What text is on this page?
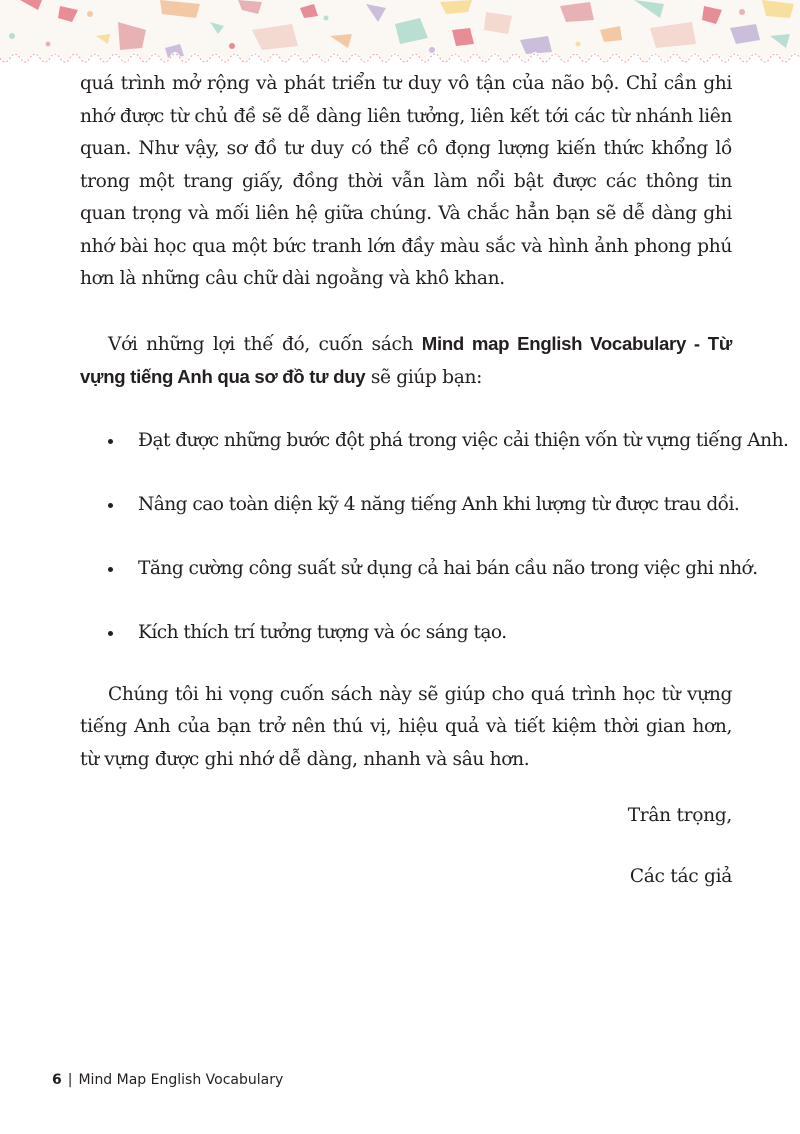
quá trình mở rộng và phát triển tư duy vô tận của não bộ. Chỉ cần ghi nhớ được từ chủ đề sẽ dễ dàng liên tưởng, liên kết tới các từ nhánh liên quan. Như vậy, sơ đồ tư duy có thể cô đọng lượng kiến thức khổng lồ trong một trang giấy, đồng thời vẫn làm nổi bật được các thông tin quan trọng và mối liên hệ giữa chúng. Và chắc hẳn bạn sẽ dễ dàng ghi nhớ bài học qua một bức tranh lớn đầy màu sắc và hình ảnh phong phú hơn là những câu chữ dài ngoằng và khô khan.

Với những lợi thế đó, cuốn sách Mind map English Vocabulary - Từ vựng tiếng Anh qua sơ đồ tư duy sẽ giúp bạn:

Đạt được những bước đột phá trong việc cải thiện vốn từ vựng tiếng Anh.
Nâng cao toàn diện kỹ 4 năng tiếng Anh khi lượng từ được trau dồi.
Tăng cường công suất sử dụng cả hai bán cầu não trong việc ghi nhớ.
Kích thích trí tưởng tượng và óc sáng tạo.

Chúng tôi hi vọng cuốn sách này sẽ giúp cho quá trình học từ vựng tiếng Anh của bạn trở nên thú vị, hiệu quả và tiết kiệm thời gian hơn, từ vựng được ghi nhớ dễ dàng, nhanh và sâu hơn.

Trân trọng,
Các tác giả
6 | Mind Map English Vocabulary
